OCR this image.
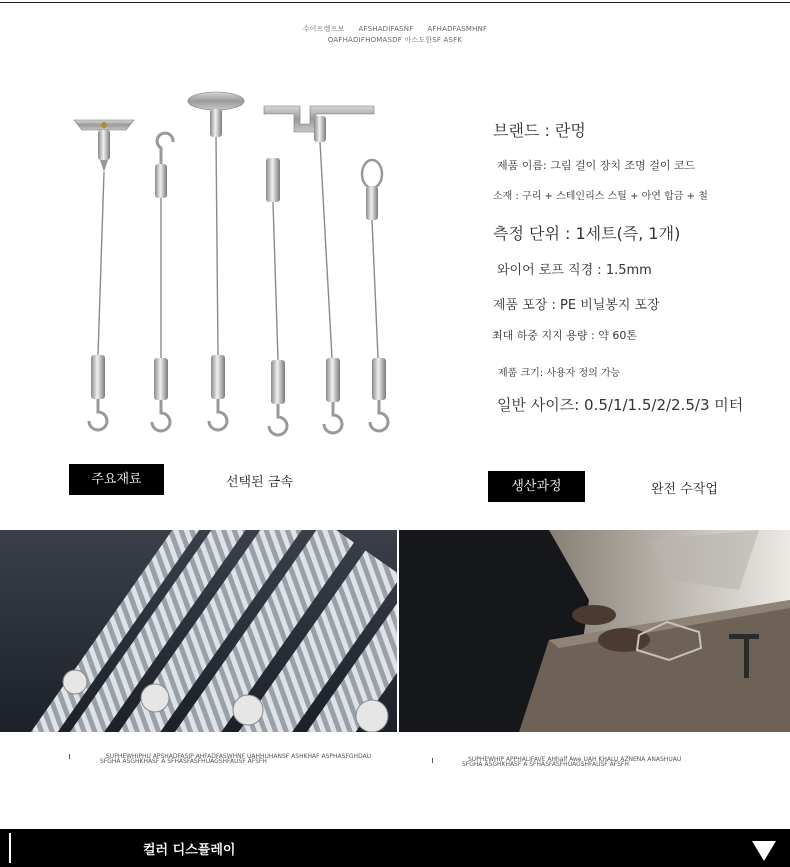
수이프렝프보 AFSHADIFASNF AFHADFASMHNF
OAFHADIFHOMASDF 아스도한SF ASFK
브랜드 : 란멍
제품 이름: 그림 걸이 장치 조명 걸이 코드
소재 : 구리 + 스테인리스 스틸 + 아연 합금 + 철
측정 단위 : 1세트(즉, 1개)
와이어 로프 직경 : 1.5mm
제품 포장 : PE 비닐봉지 포장
최대 하중 지지 용량 : 약 60톤
제품 크기: 사용자 정의 가능
일반 사이즈: 0.5/1/1.5/2/2.5/3 미터
주요재료	선택된 금속	생산과정	완전 수작업
SUPHEWHIPHU APSHADFASIP AHFADFASWHNF UAHHUHANSF ASHKHAF ASPHASFGHDAU
SFGHA ASGHKHASF A SFHASFASFHUAGSHFAUSF AFSFH	SUPHEWHIP APPHALIFAVE AHhalf Awe UAH KHALU AZNENA ANASHUAU
SFGHA ASGHKHASF A SFHASFASFHUAGSHFAUSF AFSFH
컬러 디스플레이
